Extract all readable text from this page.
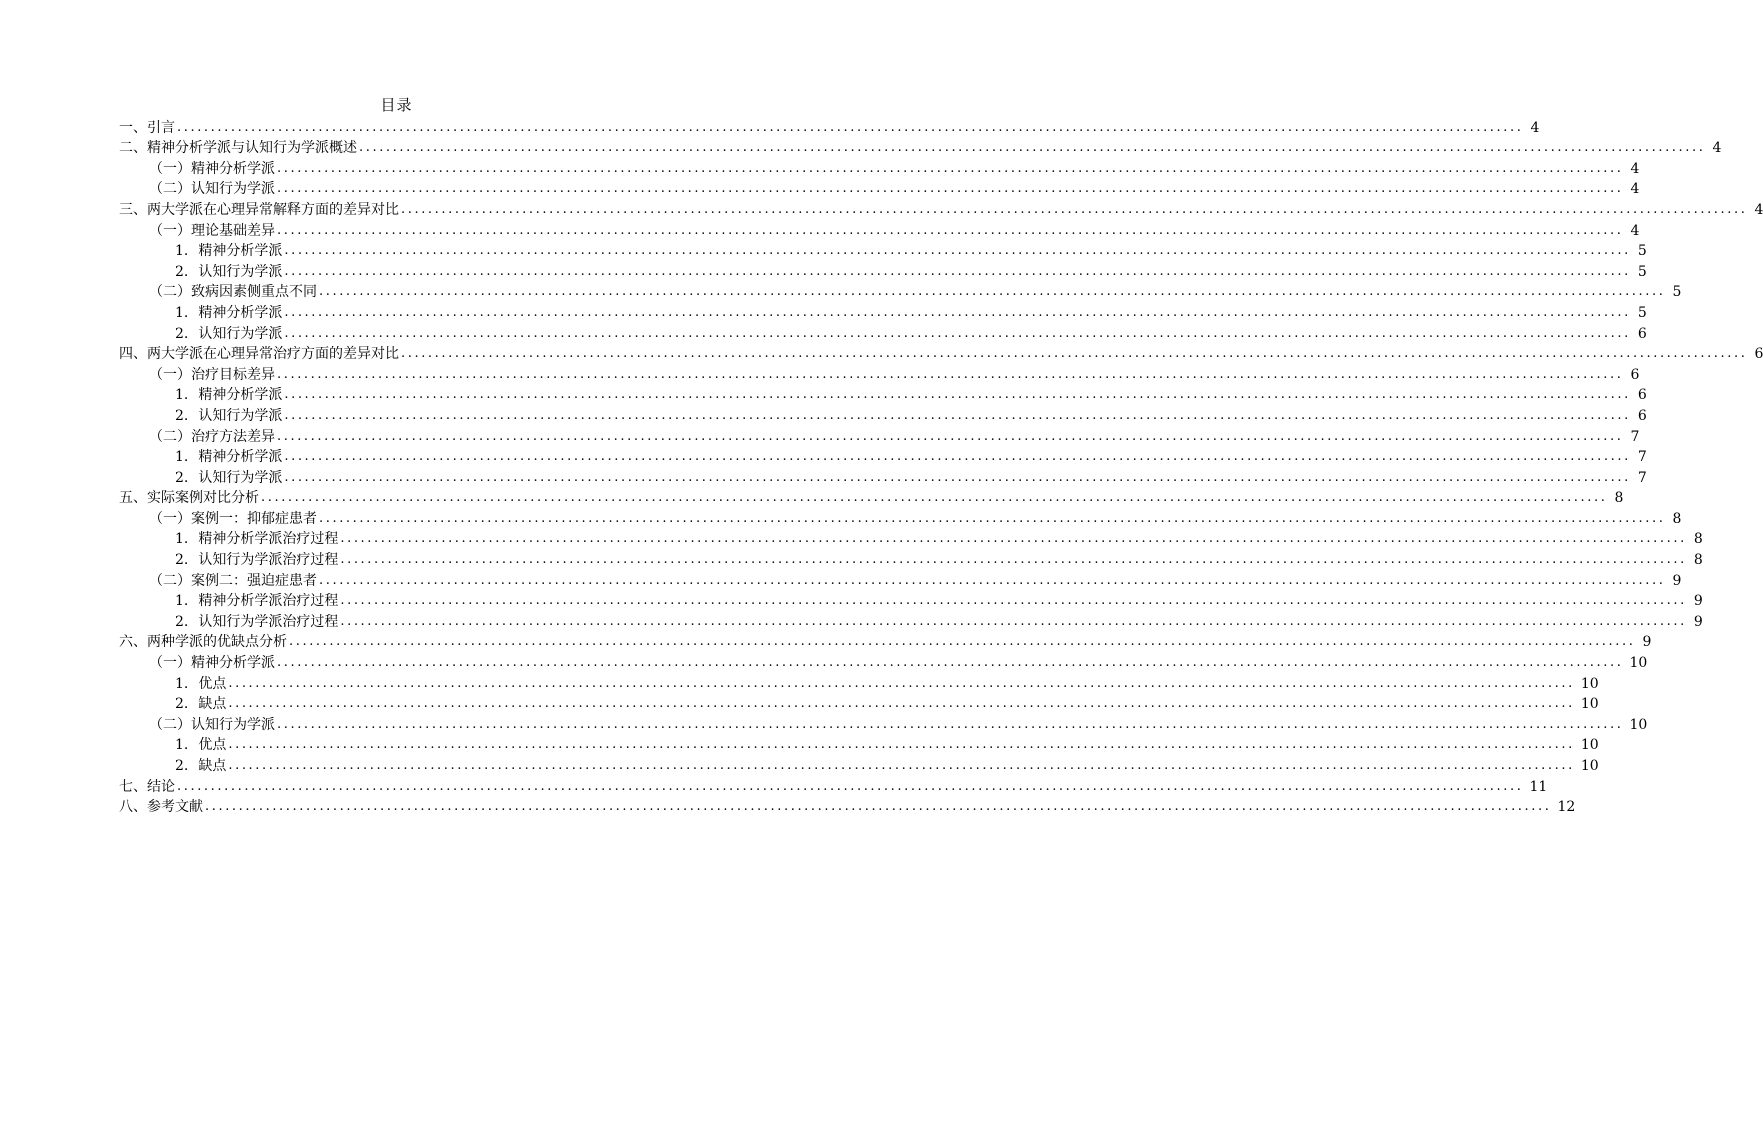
目录
一、引言 ........................................................................................................................................................................................................ 4
二、精神分析学派与认知行为学派概述 ........................................................................................................................................................................................................ 4
（一）精神分析学派 ........................................................................................................................................................................................................ 4
（二）认知行为学派 ........................................................................................................................................................................................................ 4
三、两大学派在心理异常解释方面的差异对比 ........................................................................................................................................................................................................ 4
（一）理论基础差异 ........................................................................................................................................................................................................ 4
1. 精神分析学派 ........................................................................................................................................................................................................ 5
2. 认知行为学派 ........................................................................................................................................................................................................ 5
（二）致病因素侧重点不同 ........................................................................................................................................................................................................ 5
1. 精神分析学派 ........................................................................................................................................................................................................ 5
2. 认知行为学派 ........................................................................................................................................................................................................ 6
四、两大学派在心理异常治疗方面的差异对比 ........................................................................................................................................................................................................ 6
（一）治疗目标差异 ........................................................................................................................................................................................................ 6
1. 精神分析学派 ........................................................................................................................................................................................................ 6
2. 认知行为学派 ........................................................................................................................................................................................................ 6
（二）治疗方法差异 ........................................................................................................................................................................................................ 7
1. 精神分析学派 ........................................................................................................................................................................................................ 7
2. 认知行为学派 ........................................................................................................................................................................................................ 7
五、实际案例对比分析 ........................................................................................................................................................................................................ 8
（一）案例一：抑郁症患者 ........................................................................................................................................................................................................ 8
1. 精神分析学派治疗过程 ........................................................................................................................................................................................................ 8
2. 认知行为学派治疗过程 ........................................................................................................................................................................................................ 8
（二）案例二：强迫症患者 ........................................................................................................................................................................................................ 9
1. 精神分析学派治疗过程 ........................................................................................................................................................................................................ 9
2. 认知行为学派治疗过程 ........................................................................................................................................................................................................ 9
六、两种学派的优缺点分析 ........................................................................................................................................................................................................ 9
（一）精神分析学派 ........................................................................................................................................................................................................ 10
1. 优点 ........................................................................................................................................................................................................ 10
2. 缺点 ........................................................................................................................................................................................................ 10
（二）认知行为学派 ........................................................................................................................................................................................................ 10
1. 优点 ........................................................................................................................................................................................................ 10
2. 缺点 ........................................................................................................................................................................................................ 10
七、结论 ........................................................................................................................................................................................................ 11
八、参考文献 ........................................................................................................................................................................................................ 12
